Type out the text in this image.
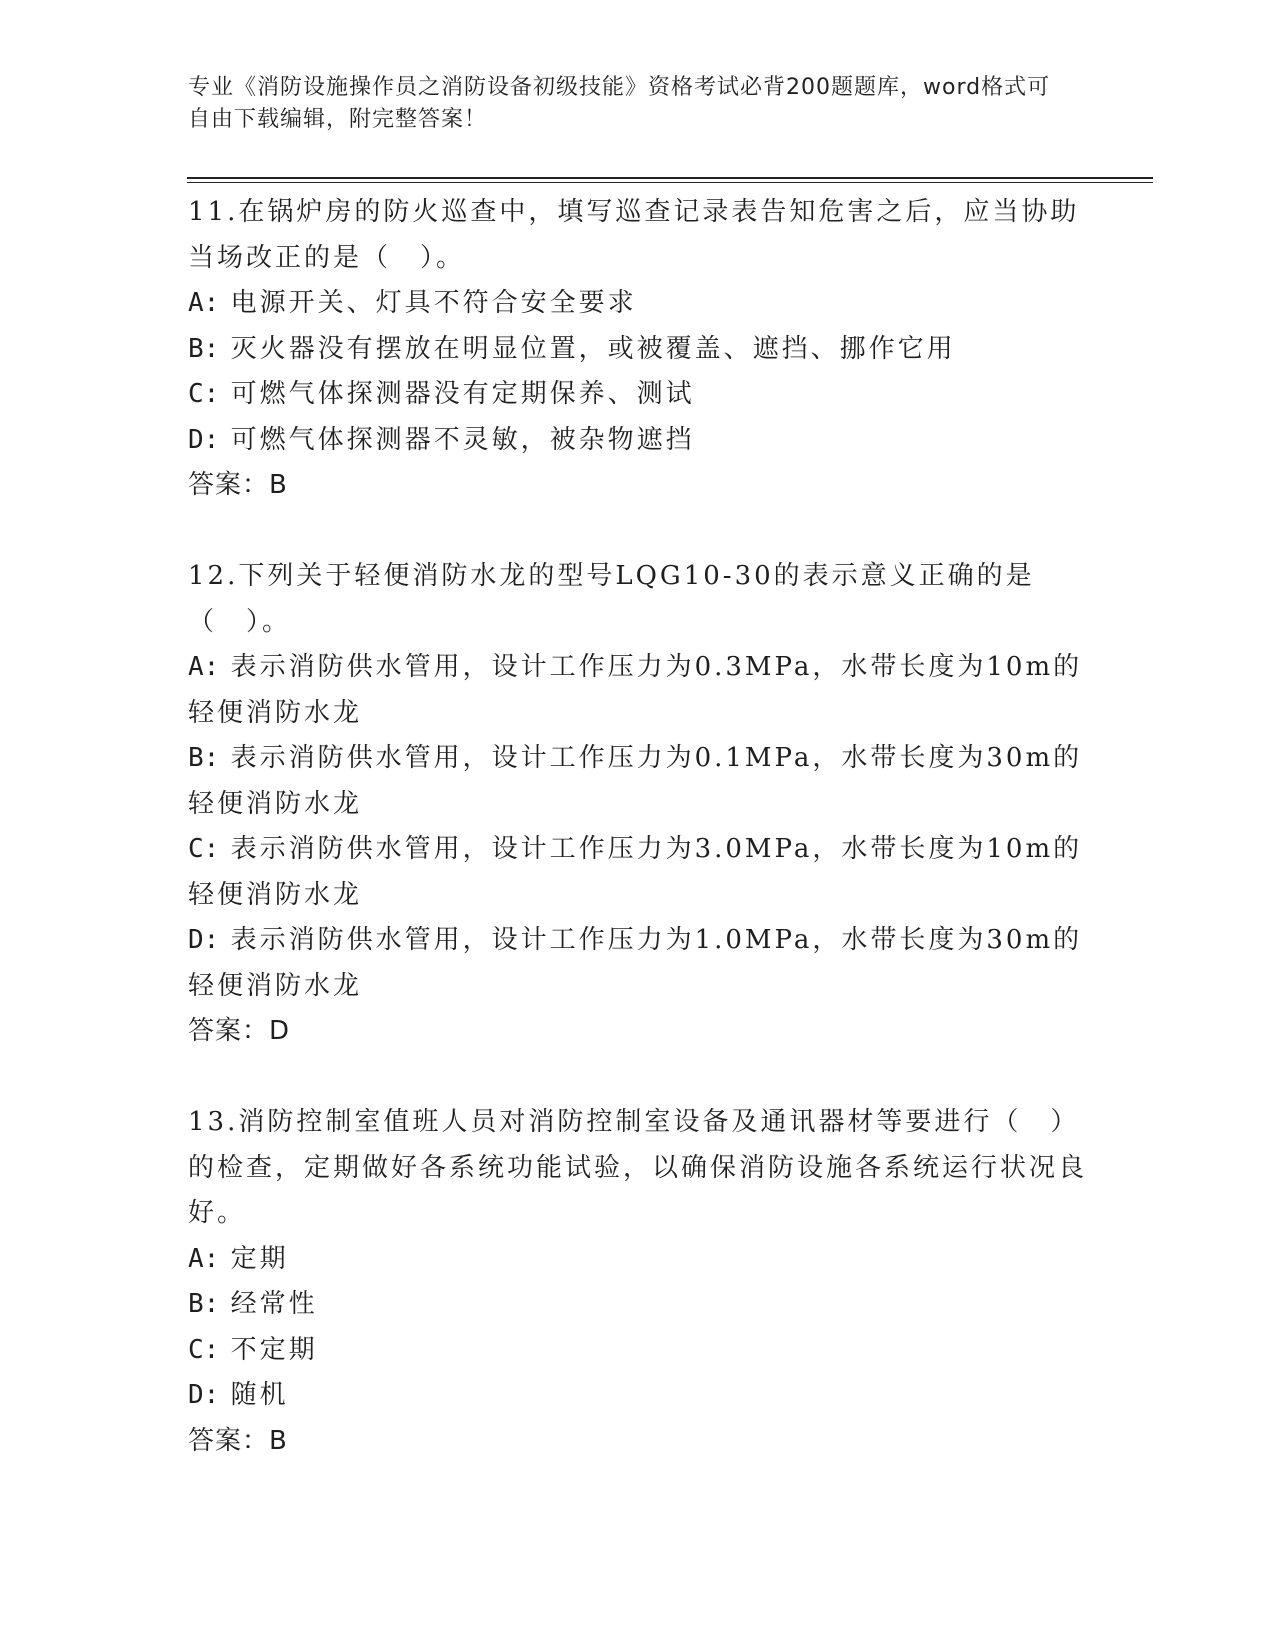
专业《消防设施操作员之消防设备初级技能》资格考试必背200题题库，word格式可自由下载编辑，附完整答案！
11.在锅炉房的防火巡查中，填写巡查记录表告知危害之后，应当协助当场改正的是（　）。
A: 电源开关、灯具不符合安全要求
B: 灭火器没有摆放在明显位置，或被覆盖、遮挡、挪作它用
C: 可燃气体探测器没有定期保养、测试
D: 可燃气体探测器不灵敏，被杂物遮挡
答案：B
12.下列关于轻便消防水龙的型号LQG10-30的表示意义正确的是（　）。
A: 表示消防供水管用，设计工作压力为0.3MPa，水带长度为10m的轻便消防水龙
B: 表示消防供水管用，设计工作压力为0.1MPa，水带长度为30m的轻便消防水龙
C: 表示消防供水管用，设计工作压力为3.0MPa，水带长度为10m的轻便消防水龙
D: 表示消防供水管用，设计工作压力为1.0MPa，水带长度为30m的轻便消防水龙
答案：D
13.消防控制室值班人员对消防控制室设备及通讯器材等要进行（　）的检查，定期做好各系统功能试验，以确保消防设施各系统运行状况良好。
A: 定期
B: 经常性
C: 不定期
D: 随机
答案：B
